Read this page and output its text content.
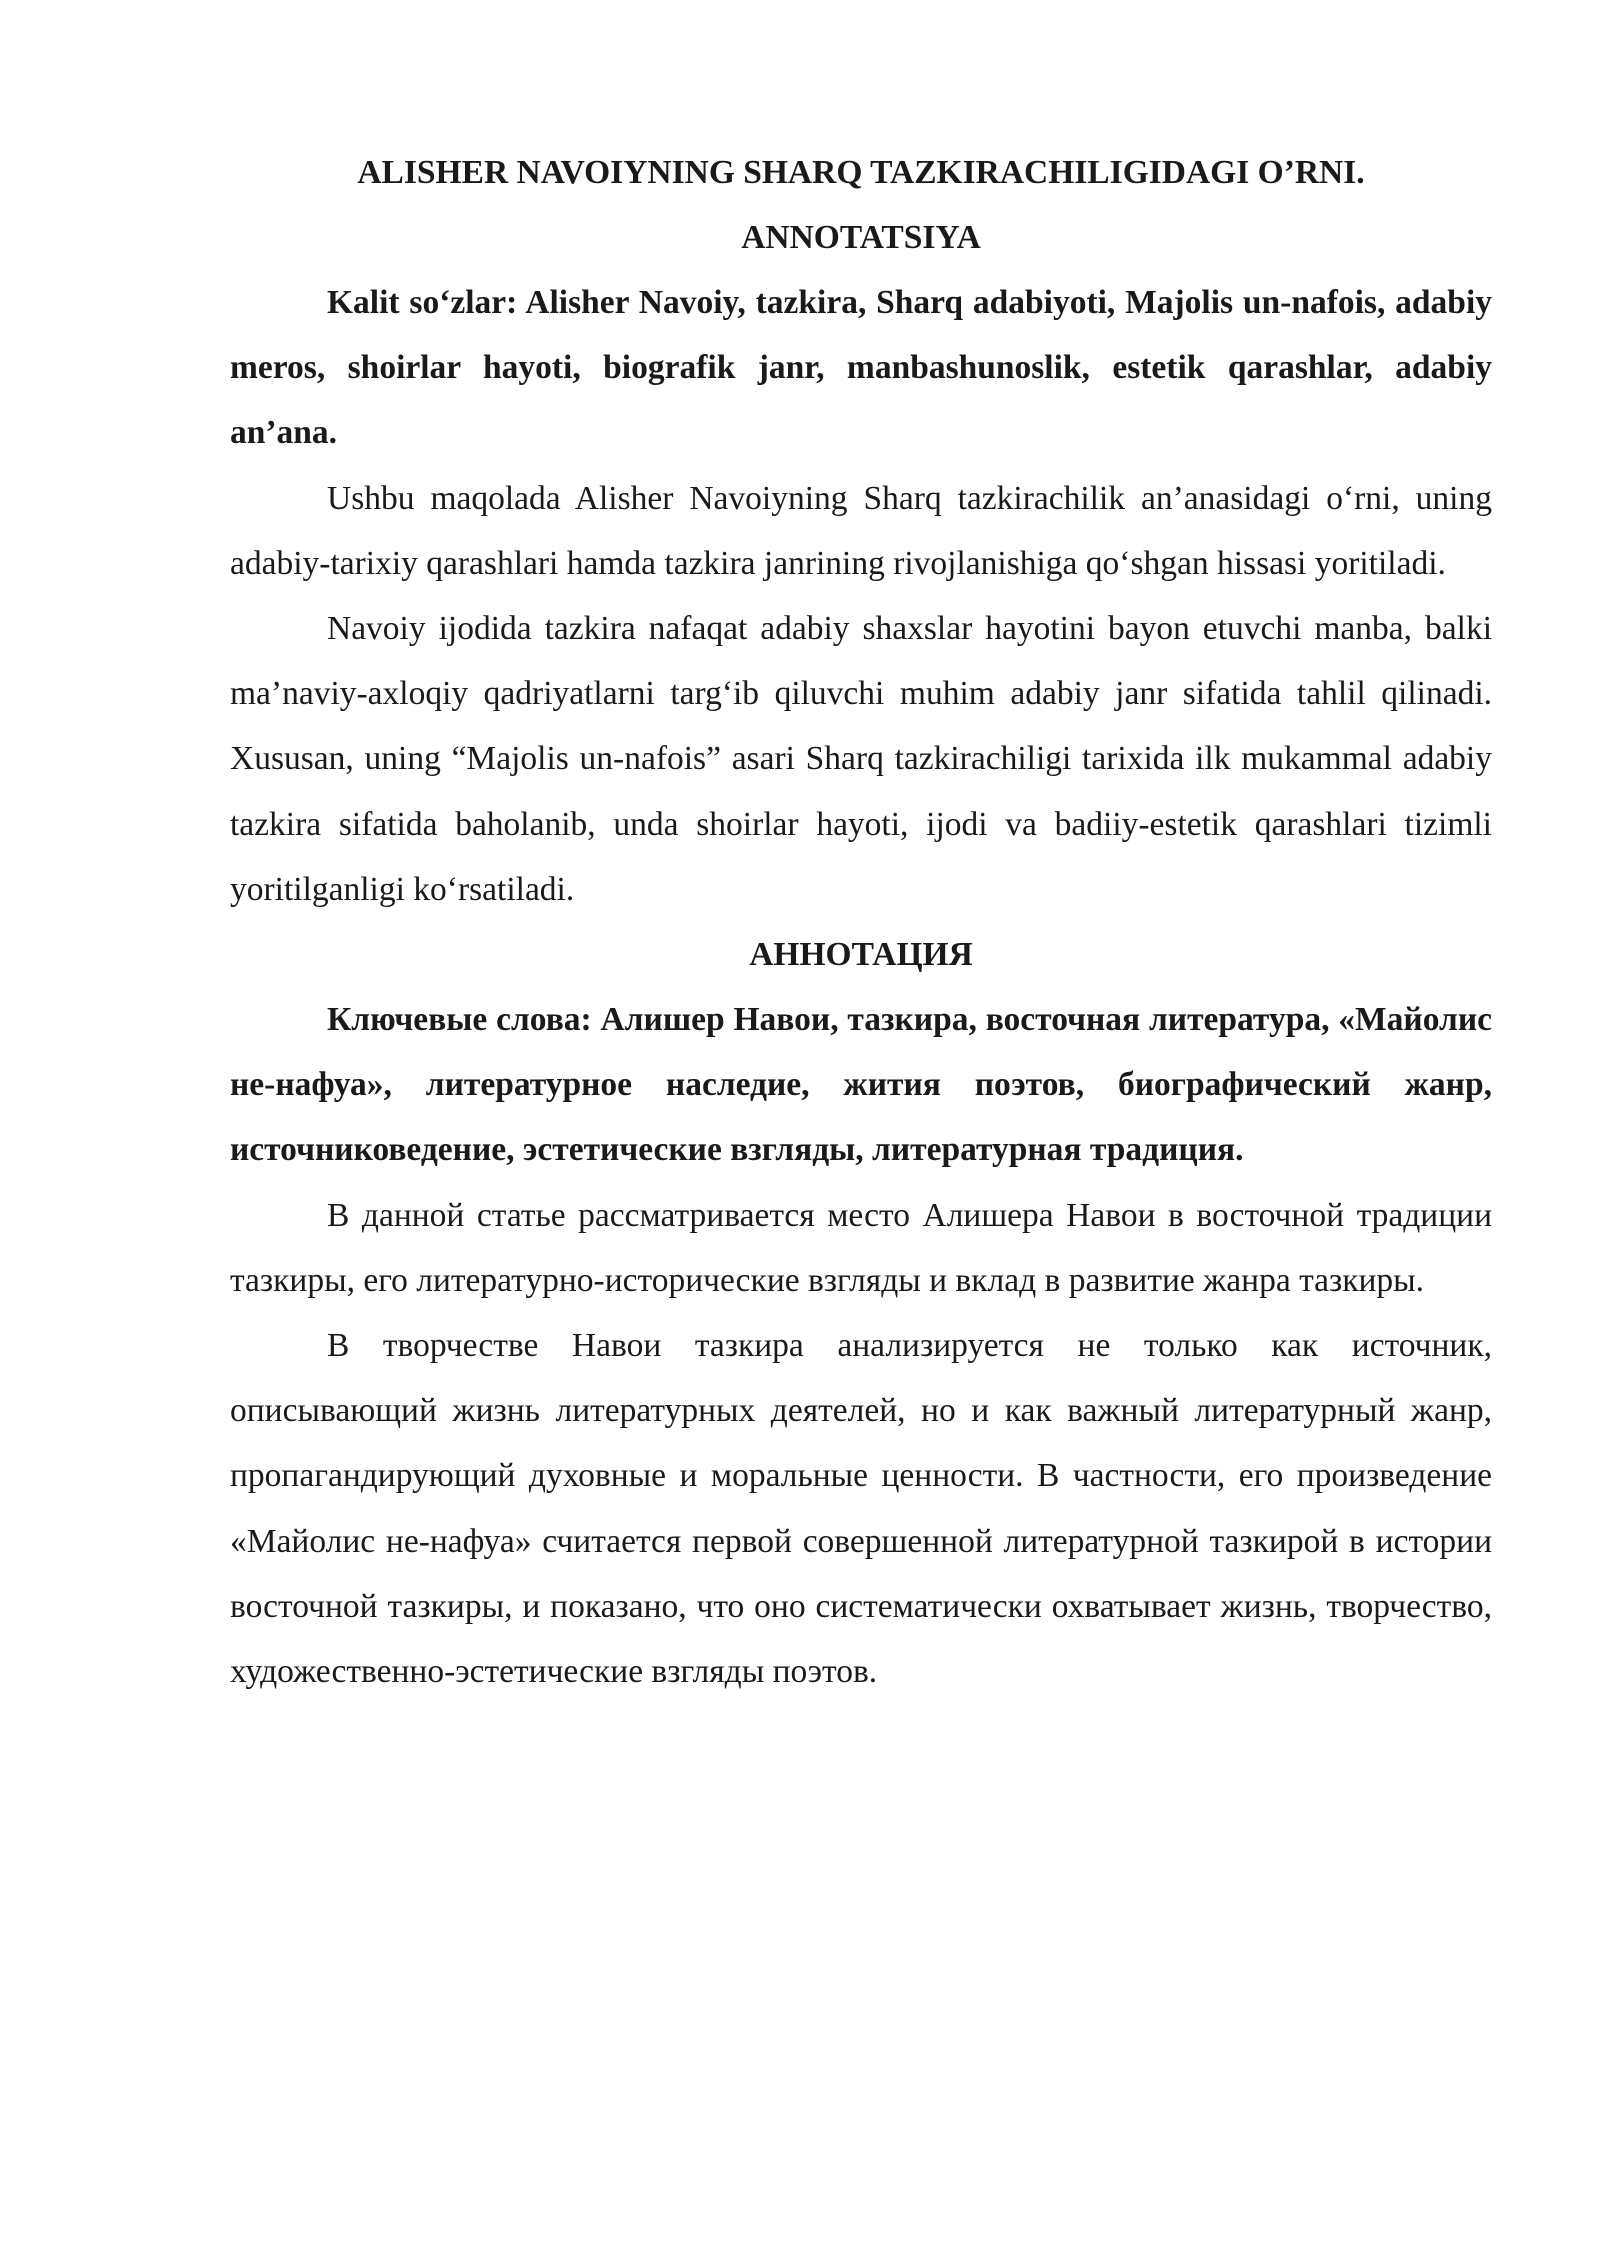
ALISHER NAVOIYNING SHARQ TAZKIRACHILIGIDAGI O’RNI.

ANNOTATSIYA

Kalit so‘zlar: Alisher Navoiy, tazkira, Sharq adabiyoti, Majolis un-nafois, adabiy meros, shoirlar hayoti, biografik janr, manbashunoslik, estetik qarashlar, adabiy an’ana.

Ushbu maqolada Alisher Navoiyning Sharq tazkirachilik an’anasidagi o‘rni, uning adabiy-tarixiy qarashlari hamda tazkira janrining rivojlanishiga qo‘shgan hissasi yoritiladi.

Navoiy ijodida tazkira nafaqat adabiy shaxslar hayotini bayon etuvchi manba, balki ma’naviy-axloqiy qadriyatlarni targ‘ib qiluvchi muhim adabiy janr sifatida tahlil qilinadi. Xususan, uning “Majolis un-nafois” asari Sharq tazkirachiligi tarixida ilk mukammal adabiy tazkira sifatida baholanib, unda shoirlar hayoti, ijodi va badiiy-estetik qarashlari tizimli yoritilganligi ko‘rsatiladi.

АННОТАЦИЯ

Ключевые слова: Алишер Навои, тазкира, восточная литература, «Майолис не-нафуа», литературное наследие, жития поэтов, биографический жанр, источниковедение, эстетические взгляды, литературная традиция.

В данной статье рассматривается место Алишера Навои в восточной традиции тазкиры, его литературно-исторические взгляды и вклад в развитие жанра тазкиры.

В творчестве Навои тазкира анализируется не только как источник, описывающий жизнь литературных деятелей, но и как важный литературный жанр, пропагандирующий духовные и моральные ценности. В частности, его произведение «Майолис не-нафуа» считается первой совершенной литературной тазкирой в истории восточной тазкиры, и показано, что оно систематически охватывает жизнь, творчество, художественно-эстетические взгляды поэтов.
